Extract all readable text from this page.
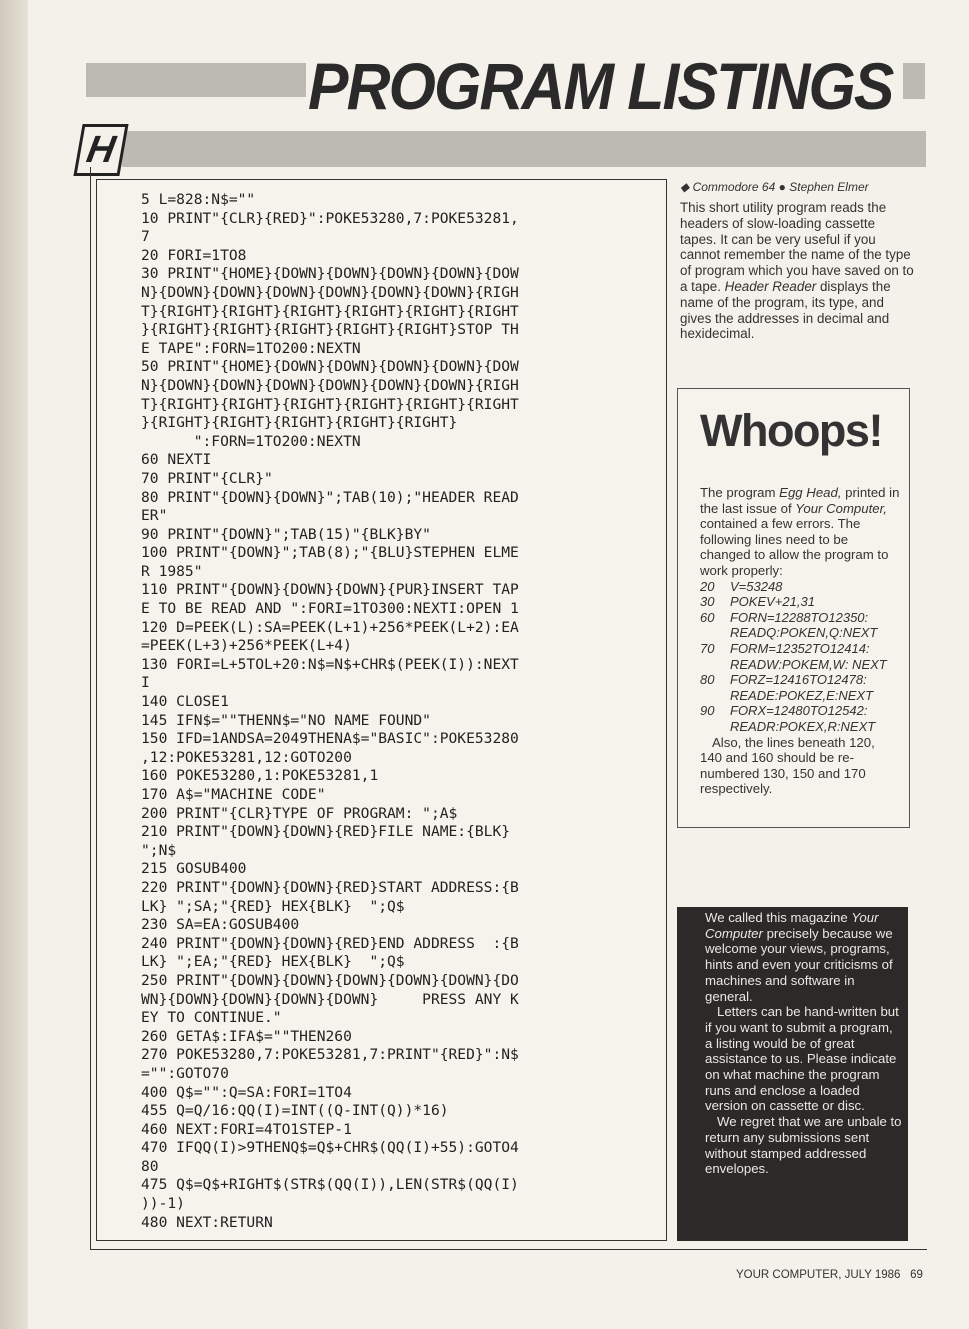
PROGRAM LISTINGS
H
5 L=828:N$=""
10 PRINT"{CLR}{RED}":POKE53280,7:POKE53281,
7
20 FORI=1TO8
30 PRINT"{HOME}{DOWN}{DOWN}{DOWN}{DOWN}{DOW
N}{DOWN}{DOWN}{DOWN}{DOWN}{DOWN}{DOWN}{RIGH
T}{RIGHT}{RIGHT}{RIGHT}{RIGHT}{RIGHT}{RIGHT
}{RIGHT}{RIGHT}{RIGHT}{RIGHT}{RIGHT}STOP TH
E TAPE":FORN=1TO200:NEXTN
50 PRINT"{HOME}{DOWN}{DOWN}{DOWN}{DOWN}{DOW
N}{DOWN}{DOWN}{DOWN}{DOWN}{DOWN}{DOWN}{RIGH
T}{RIGHT}{RIGHT}{RIGHT}{RIGHT}{RIGHT}{RIGHT
}{RIGHT}{RIGHT}{RIGHT}{RIGHT}{RIGHT}
":FORN=1TO200:NEXTN
60 NEXTI
70 PRINT"{CLR}"
80 PRINT"{DOWN}{DOWN}";TAB(10);"HEADER READ
ER"
90 PRINT"{DOWN}";TAB(15)"{BLK}BY"
100 PRINT"{DOWN}";TAB(8);"{BLU}STEPHEN ELME
R 1985"
110 PRINT"{DOWN}{DOWN}{DOWN}{PUR}INSERT TAP
E TO BE READ AND ":FORI=1TO300:NEXTI:OPEN 1
120 D=PEEK(L):SA=PEEK(L+1)+256*PEEK(L+2):EA
=PEEK(L+3)+256*PEEK(L+4)
130 FORI=L+5TOL+20:N$=N$+CHR$(PEEK(I)):NEXT
I
140 CLOSE1
145 IFN$=""THENN$="NO NAME FOUND"
150 IFD=1ANDSA=2049THENA$="BASIC":POKE53280
,12:POKE53281,12:GOTO200
160 POKE53280,1:POKE53281,1
170 A$="MACHINE CODE"
200 PRINT"{CLR}TYPE OF PROGRAM: ";A$
210 PRINT"{DOWN}{DOWN}{RED}FILE NAME:{BLK}
";N$
215 GOSUB400
220 PRINT"{DOWN}{DOWN}{RED}START ADDRESS:{B
LK} ";SA;"{RED} HEX{BLK}  ";Q$
230 SA=EA:GOSUB400
240 PRINT"{DOWN}{DOWN}{RED}END ADDRESS  :{B
LK} ";EA;"{RED} HEX{BLK}  ";Q$
250 PRINT"{DOWN}{DOWN}{DOWN}{DOWN}{DOWN}{DO
WN}{DOWN}{DOWN}{DOWN}{DOWN}     PRESS ANY K
EY TO CONTINUE."
260 GETA$:IFA$=""THEN260
270 POKE53280,7:POKE53281,7:PRINT"{RED}":N$
="":GOTO70
400 Q$="":Q=SA:FORI=1TO4
455 Q=Q/16:QQ(I)=INT((Q-INT(Q))*16)
460 NEXT:FORI=4TO1STEP-1
470 IFQQ(I)>9THENQ$=Q$+CHR$(QQ(I)+55):GOTO4
80
475 Q$=Q$+RIGHT$(STR$(QQ(I)),LEN(STR$(QQ(I)
))-1)
480 NEXT:RETURN
◆ Commodore 64 ● Stephen Elmer
This short utility program reads the headers of slow-loading cassette tapes. It can be very useful if you cannot remember the name of the type of program which you have saved on to a tape. Header Reader displays the name of the program, its type, and gives the addresses in decimal and hexidecimal.
Whoops!
The program Egg Head, printed in the last issue of Your Computer, contained a few errors. The following lines need to be changed to allow the program to work properly:
20	V=53248
30	POKEV+21,31
60	FORN=12288TO12350: READQ:POKEN,Q:NEXT
70	FORM=12352TO12414: READW:POKEM,W: NEXT
80	FORZ=12416TO12478: READE:POKEZ,E:NEXT
90	FORX=12480TO12542: READR:POKEX,R:NEXT
Also, the lines beneath 120, 140 and 160 should be re-numbered 130, 150 and 170 respectively.
We called this magazine Your Computer precisely because we welcome your views, programs, hints and even your criticisms of machines and software in general.
Letters can be hand-written but if you want to submit a program, a listing would be of great assistance to us. Please indicate on what machine the program runs and enclose a loaded version on cassette or disc.
We regret that we are unbale to return any submissions sent without stamped addressed envelopes.
YOUR COMPUTER, JULY 1986 69
